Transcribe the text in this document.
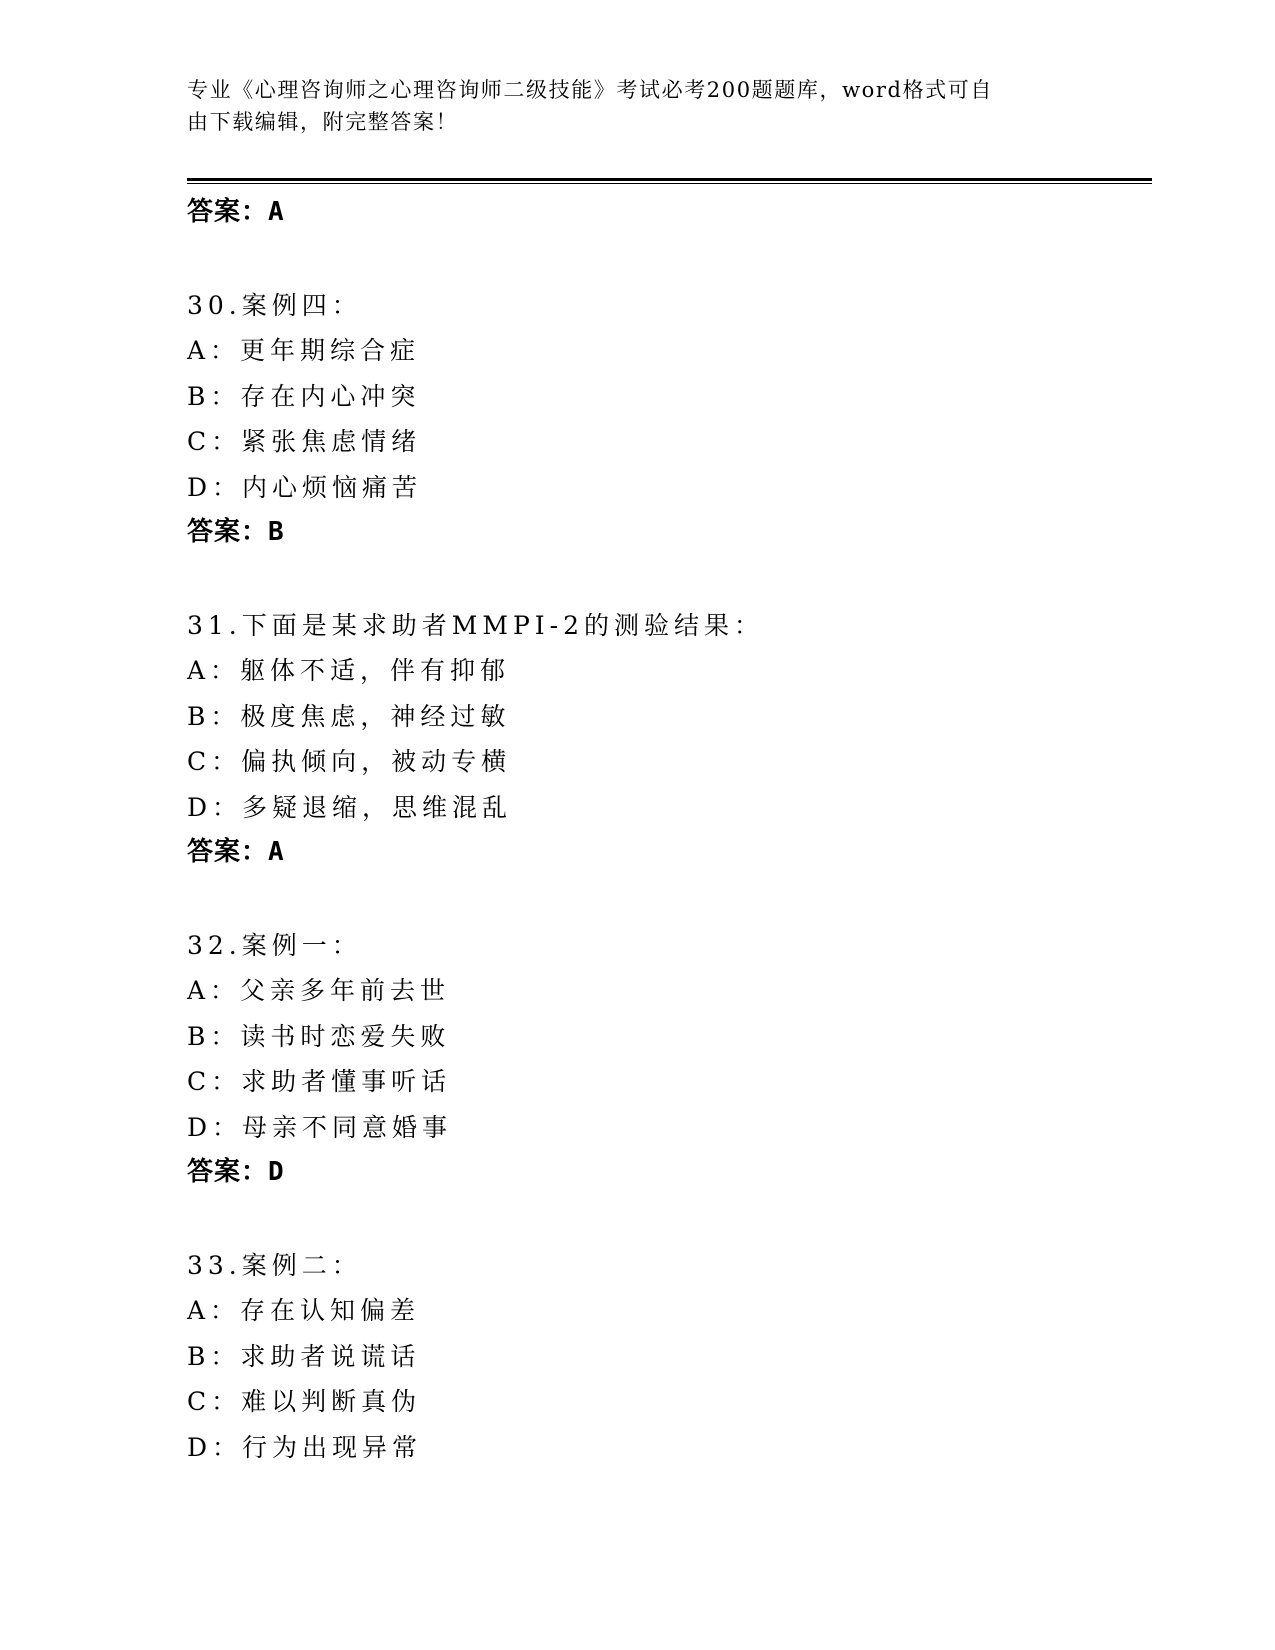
专业《心理咨询师之心理咨询师二级技能》考试必考200题题库，word格式可自
由下载编辑，附完整答案！
答案：A
30.案例四：
A：更年期综合症
B：存在内心冲突
C：紧张焦虑情绪
D：内心烦恼痛苦
答案：B
31.下面是某求助者MMPI-2的测验结果：
A：躯体不适，伴有抑郁
B：极度焦虑，神经过敏
C：偏执倾向，被动专横
D：多疑退缩，思维混乱
答案：A
32.案例一：
A：父亲多年前去世
B：读书时恋爱失败
C：求助者懂事听话
D：母亲不同意婚事
答案：D
33.案例二：
A：存在认知偏差
B：求助者说谎话
C：难以判断真伪
D：行为出现异常
